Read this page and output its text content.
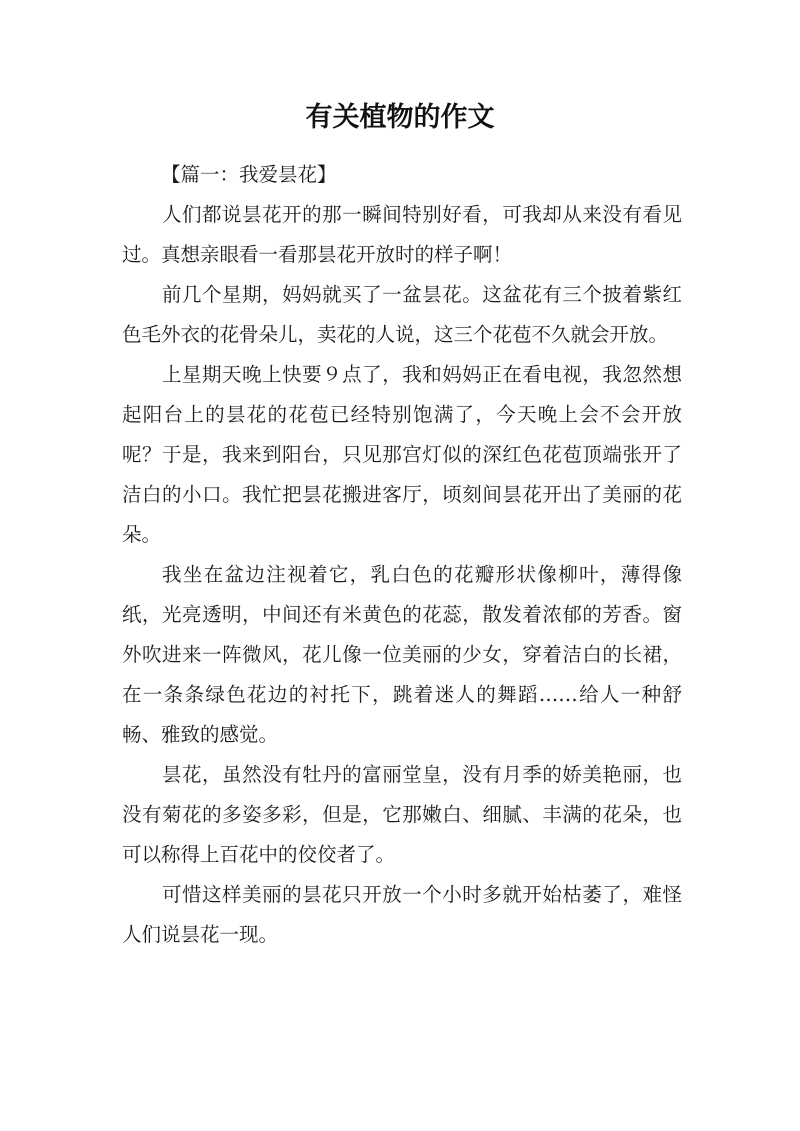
有关植物的作文
【篇一：我爱昙花】

人们都说昙花开的那一瞬间特别好看，可我却从来没有看见过。真想亲眼看一看那昙花开放时的样子啊！

前几个星期，妈妈就买了一盆昙花。这盆花有三个披着紫红色毛外衣的花骨朵儿，卖花的人说，这三个花苞不久就会开放。

上星期天晚上快要９点了，我和妈妈正在看电视，我忽然想起阳台上的昙花的花苞已经特别饱满了，今天晚上会不会开放呢？于是，我来到阳台，只见那宫灯似的深红色花苞顶端张开了洁白的小口。我忙把昙花搬进客厅，顷刻间昙花开出了美丽的花朵。

我坐在盆边注视着它，乳白色的花瓣形状像柳叶，薄得像纸，光亮透明，中间还有米黄色的花蕊，散发着浓郁的芳香。窗外吹进来一阵微风，花儿像一位美丽的少女，穿着洁白的长裙，在一条条绿色花边的衬托下，跳着迷人的舞蹈……给人一种舒畅、雅致的感觉。

昙花，虽然没有牡丹的富丽堂皇，没有月季的娇美艳丽，也没有菊花的多姿多彩，但是，它那嫩白、细腻、丰满的花朵，也可以称得上百花中的佼佼者了。

可惜这样美丽的昙花只开放一个小时多就开始枯萎了，难怪人们说昙花一现。
